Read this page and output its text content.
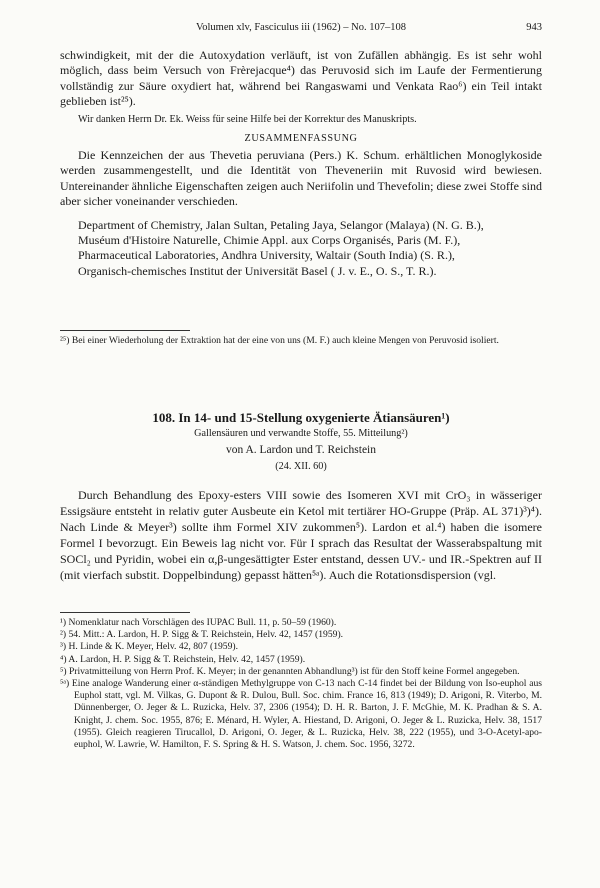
Volumen xlv, Fasciculus iii (1962) – No. 107–108	943

schwindigkeit, mit der die Autoxydation verläuft, ist von Zufällen abhängig. Es ist sehr wohl möglich, dass beim Versuch von Frèrejacque⁴) das Peruvosid sich im Laufe der Fermentierung vollständig zur Säure oxydiert hat, während bei Rangaswami und Venkata Rao⁶) ein Teil intakt geblieben ist²⁵).

Wir danken Herrn Dr. Ek. Weiss für seine Hilfe bei der Korrektur des Manuskripts.

ZUSAMMENFASSUNG

Die Kennzeichen der aus Thevetia peruviana (Pers.) K. Schum. erhältlichen Monoglykoside werden zusammengestellt, und die Identität von Theveneriin mit Ruvosid wird bewiesen. Untereinander ähnliche Eigenschaften zeigen auch Neriifolin und Thevefolin; diese zwei Stoffe sind aber sicher voneinander verschieden.

Department of Chemistry, Jalan Sultan, Petaling Jaya, Selangor (Malaya) (N. G. B.),

Muséum d'Histoire Naturelle, Chimie Appl. aux Corps Organisés, Paris (M. F.),

Pharmaceutical Laboratories, Andhra University, Waltair (South India) (S. R.),

Organisch-chemisches Institut der Universität Basel ( J. v. E., O. S., T. R.).

²⁵) Bei einer Wiederholung der Extraktion hat der eine von uns (M. F.) auch kleine Mengen von Peruvosid isoliert.

108. In 14- und 15-Stellung oxygenierte Ätiansäuren¹)

Gallensäuren und verwandte Stoffe, 55. Mitteilung²)

von A. Lardon und T. Reichstein

(24. XII. 60)

Durch Behandlung des Epoxy-esters VIII sowie des Isomeren XVI mit CrO₃ in wässeriger Essigsäure entsteht in relativ guter Ausbeute ein Ketol mit tertiärer HO-Gruppe (Präp. AL 371)³)⁴). Nach Linde & Meyer³) sollte ihm Formel XIV zukommen⁵). Lardon et al.⁴) haben die isomere Formel I bevorzugt. Ein Beweis lag nicht vor. Für I sprach das Resultat der Wasserabspaltung mit SOCl₂ und Pyridin, wobei ein α,β-ungesättigter Ester entstand, dessen UV.- und IR.-Spektren auf II (mit vierfach substit. Doppelbindung) gepasst hätten⁵ᵃ). Auch die Rotationsdispersion (vgl.

¹) Nomenklatur nach Vorschlägen des IUPAC Bull. 11, p. 50–59 (1960).

²) 54. Mitt.: A. Lardon, H. P. Sigg & T. Reichstein, Helv. 42, 1457 (1959).

³) H. Linde & K. Meyer, Helv. 42, 807 (1959).

⁴) A. Lardon, H. P. Sigg & T. Reichstein, Helv. 42, 1457 (1959).

⁵) Privatmitteilung von Herrn Prof. K. Meyer; in der genannten Abhandlung³) ist für den Stoff keine Formel angegeben.

⁵ᵃ) Eine analoge Wanderung einer α-ständigen Methylgruppe von C-13 nach C-14 findet bei der Bildung von Iso-euphol aus Euphol statt, vgl. M. Vilkas, G. Dupont & R. Dulou, Bull. Soc. chim. France 16, 813 (1949); D. Arigoni, R. Viterbo, M. Dünnenberger, O. Jeger & L. Ruzicka, Helv. 37, 2306 (1954); D. H. R. Barton, J. F. McGhie, M. K. Pradhan & S. A. Knight, J. chem. Soc. 1955, 876; E. Ménard, H. Wyler, A. Hiestand, D. Arigoni, O. Jeger & L. Ruzicka, Helv. 38, 1517 (1955). Gleich reagieren Tirucallol, D. Arigoni, O. Jeger, & L. Ruzicka, Helv. 38, 222 (1955), und 3-O-Acetyl-apo-euphol, W. Lawrie, W. Hamilton, F. S. Spring & H. S. Watson, J. chem. Soc. 1956, 3272.
